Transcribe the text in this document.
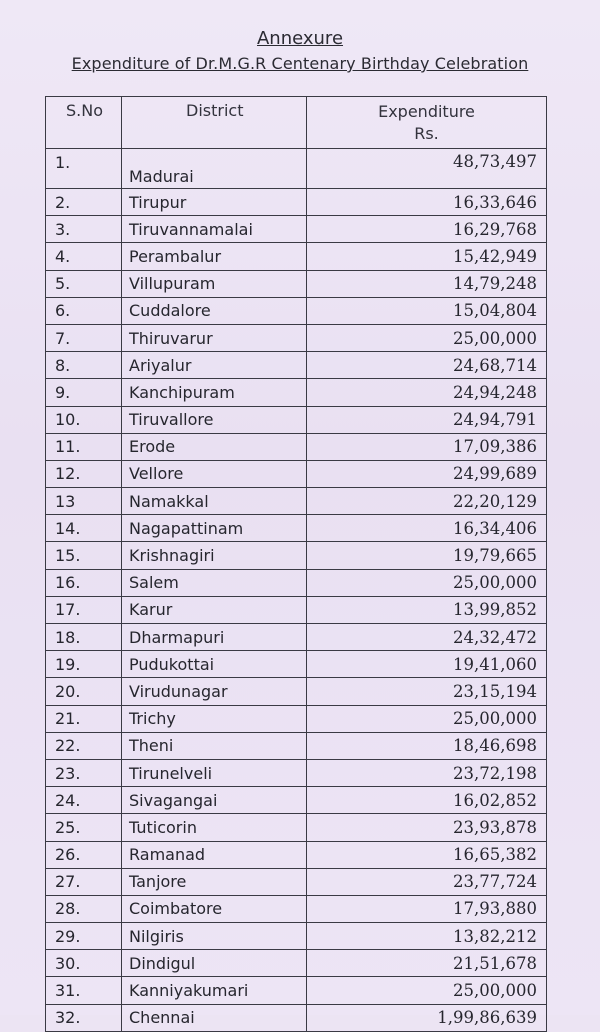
Annexure
Expenditure of Dr.M.G.R Centenary Birthday Celebration
S.No	District	Expenditure
Rs.

1.	Madurai	48,73,497
2.	Tirupur	16,33,646
3.	Tiruvannamalai	16,29,768
4.	Perambalur	15,42,949
5.	Villupuram	14,79,248
6.	Cuddalore	15,04,804
7.	Thiruvarur	25,00,000
8.	Ariyalur	24,68,714
9.	Kanchipuram	24,94,248
10.	Tiruvallore	24,94,791
11.	Erode	17,09,386
12.	Vellore	24,99,689
13	Namakkal	22,20,129
14.	Nagapattinam	16,34,406
15.	Krishnagiri	19,79,665
16.	Salem	25,00,000
17.	Karur	13,99,852
18.	Dharmapuri	24,32,472
19.	Pudukottai	19,41,060
20.	Virudunagar	23,15,194
21.	Trichy	25,00,000
22.	Theni	18,46,698
23.	Tirunelveli	23,72,198
24.	Sivagangai	16,02,852
25.	Tuticorin	23,93,878
26.	Ramanad	16,65,382
27.	Tanjore	23,77,724
28.	Coimbatore	17,93,880
29.	Nilgiris	13,82,212
30.	Dindigul	21,51,678
31.	Kanniyakumari	25,00,000
32.	Chennai	1,99,86,639
